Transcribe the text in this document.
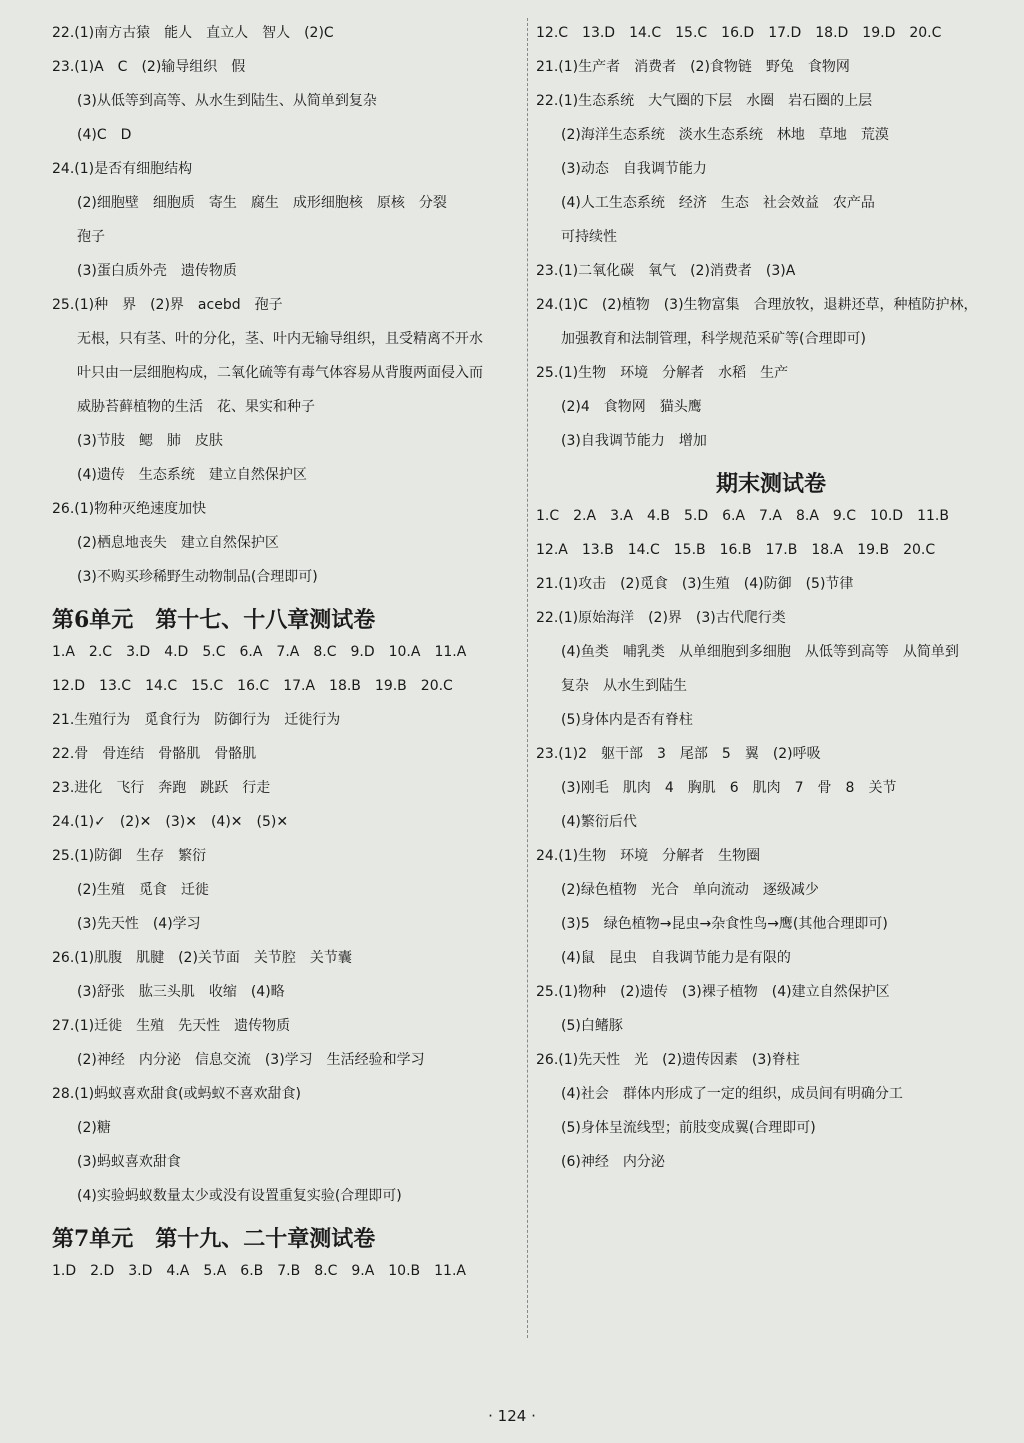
22.(1)南方古猿　能人　直立人　智人　(2)C
23.(1)A　C　(2)输导组织　假
(3)从低等到高等、从水生到陆生、从简单到复杂
(4)C　D
24.(1)是否有细胞结构
(2)细胞壁　细胞质　寄生　腐生　成形细胞核　原核　分裂
孢子
(3)蛋白质外壳　遗传物质
25.(1)种　界　(2)界　acebd　孢子
无根，只有茎、叶的分化，茎、叶内无输导组织，且受精离不开水
叶只由一层细胞构成，二氧化硫等有毒气体容易从背腹两面侵入而
威胁苔藓植物的生活　花、果实和种子
(3)节肢　鳃　肺　皮肤
(4)遗传　生态系统　建立自然保护区
26.(1)物种灭绝速度加快
(2)栖息地丧失　建立自然保护区
(3)不购买珍稀野生动物制品(合理即可)
第6单元　第十七、十八章测试卷
1.A　2.C　3.D　4.D　5.C　6.A　7.A　8.C　9.D　10.A　11.A
12.D　13.C　14.C　15.C　16.C　17.A　18.B　19.B　20.C
21.生殖行为　觅食行为　防御行为　迁徙行为
22.骨　骨连结　骨骼肌　骨骼肌
23.进化　飞行　奔跑　跳跃　行走
24.(1)✓　(2)✕　(3)✕　(4)✕　(5)✕
25.(1)防御　生存　繁衍
(2)生殖　觅食　迁徙
(3)先天性　(4)学习
26.(1)肌腹　肌腱　(2)关节面　关节腔　关节囊
(3)舒张　肱三头肌　收缩　(4)略
27.(1)迁徙　生殖　先天性　遗传物质
(2)神经　内分泌　信息交流　(3)学习　生活经验和学习
28.(1)蚂蚁喜欢甜食(或蚂蚁不喜欢甜食)
(2)糖
(3)蚂蚁喜欢甜食
(4)实验蚂蚁数量太少或没有设置重复实验(合理即可)
第7单元　第十九、二十章测试卷
1.D　2.D　3.D　4.A　5.A　6.B　7.B　8.C　9.A　10.B　11.A
12.C　13.D　14.C　15.C　16.D　17.D　18.D　19.D　20.C
21.(1)生产者　消费者　(2)食物链　野兔　食物网
22.(1)生态系统　大气圈的下层　水圈　岩石圈的上层
(2)海洋生态系统　淡水生态系统　林地　草地　荒漠
(3)动态　自我调节能力
(4)人工生态系统　经济　生态　社会效益　农产品
可持续性
23.(1)二氧化碳　氧气　(2)消费者　(3)A
24.(1)C　(2)植物　(3)生物富集　合理放牧，退耕还草，种植防护林，
加强教育和法制管理，科学规范采矿等(合理即可)
25.(1)生物　环境　分解者　水稻　生产
(2)4　食物网　猫头鹰
(3)自我调节能力　增加
期末测试卷
1.C　2.A　3.A　4.B　5.D　6.A　7.A　8.A　9.C　10.D　11.B
12.A　13.B　14.C　15.B　16.B　17.B　18.A　19.B　20.C
21.(1)攻击　(2)觅食　(3)生殖　(4)防御　(5)节律
22.(1)原始海洋　(2)界　(3)古代爬行类
(4)鱼类　哺乳类　从单细胞到多细胞　从低等到高等　从简单到
复杂　从水生到陆生
(5)身体内是否有脊柱
23.(1)2　躯干部　3　尾部　5　翼　(2)呼吸
(3)刚毛　肌肉　4　胸肌　6　肌肉　7　骨　8　关节
(4)繁衍后代
24.(1)生物　环境　分解者　生物圈
(2)绿色植物　光合　单向流动　逐级减少
(3)5　绿色植物→昆虫→杂食性鸟→鹰(其他合理即可)
(4)鼠　昆虫　自我调节能力是有限的
25.(1)物种　(2)遗传　(3)裸子植物　(4)建立自然保护区
(5)白鳍豚
26.(1)先天性　光　(2)遗传因素　(3)脊柱
(4)社会　群体内形成了一定的组织，成员间有明确分工
(5)身体呈流线型；前肢变成翼(合理即可)
(6)神经　内分泌
· 124 ·
